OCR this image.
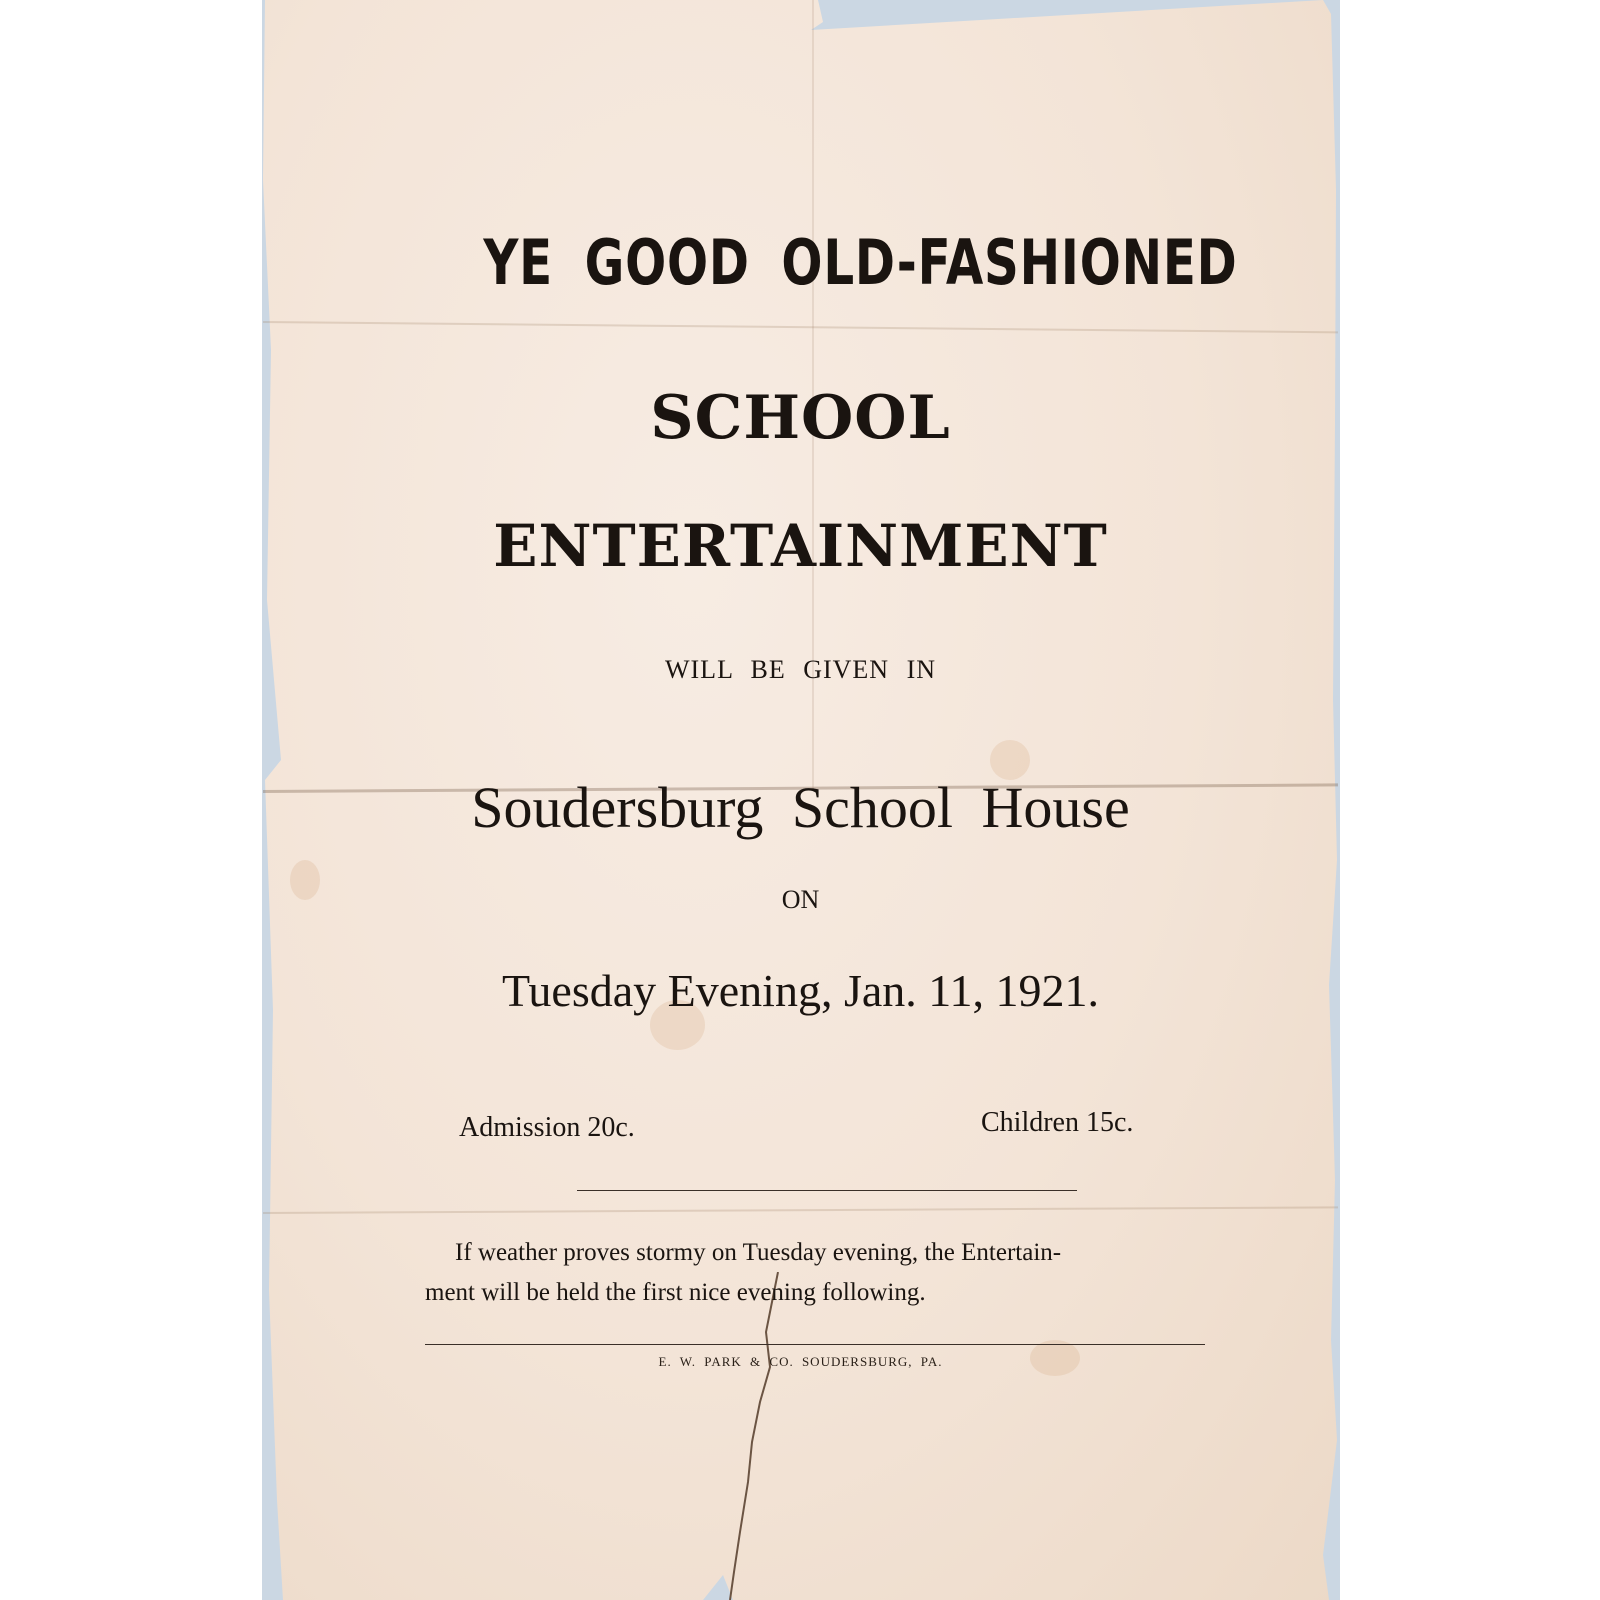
YE GOOD OLD-FASHIONED
SCHOOL
ENTERTAINMENT
WILL BE GIVEN IN
Soudersburg School House
ON
Tuesday Evening, Jan. 11, 1921.
Admission 20c.	Children 15c.
If weather proves stormy on Tuesday evening, the Entertain-
ment will be held the first nice evening following.
E. W. PARK & CO. SOUDERSBURG, PA.
